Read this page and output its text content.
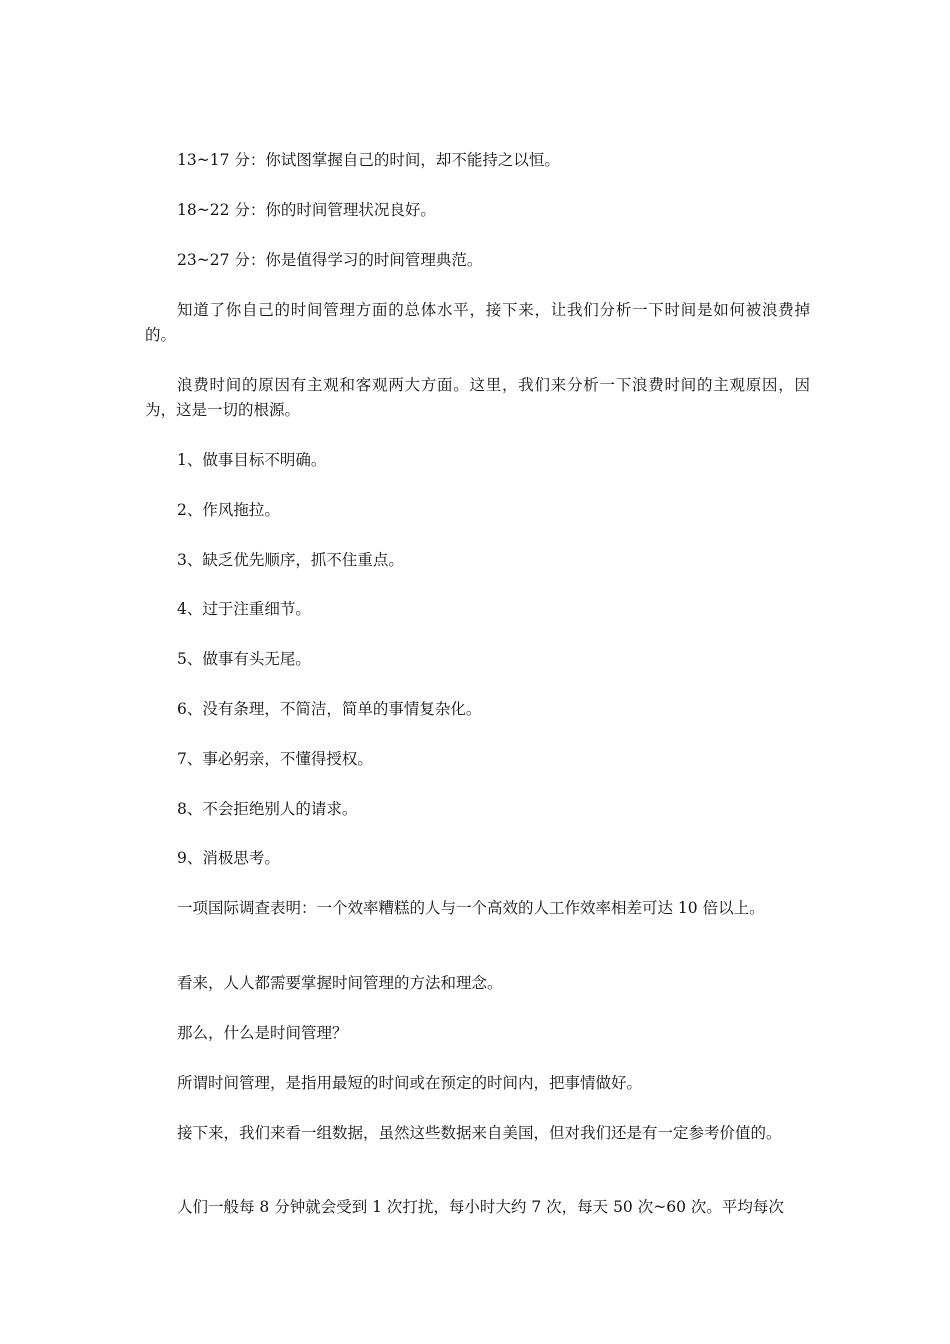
13~17 分：你试图掌握自己的时间，却不能持之以恒。
18~22 分：你的时间管理状况良好。
23~27 分：你是值得学习的时间管理典范。
知道了你自己的时间管理方面的总体水平，接下来，让我们分析一下时间是如何被浪费掉的。
浪费时间的原因有主观和客观两大方面。这里，我们来分析一下浪费时间的主观原因，因为，这是一切的根源。
1、做事目标不明确。
2、作风拖拉。
3、缺乏优先顺序，抓不住重点。
4、过于注重细节。
5、做事有头无尾。
6、没有条理，不简洁，简单的事情复杂化。
7、事必躬亲，不懂得授权。
8、不会拒绝别人的请求。
9、消极思考。
一项国际调查表明：一个效率糟糕的人与一个高效的人工作效率相差可达 10 倍以上。
看来，人人都需要掌握时间管理的方法和理念。
那么，什么是时间管理？
所谓时间管理，是指用最短的时间或在预定的时间内，把事情做好。
接下来，我们来看一组数据，虽然这些数据来自美国，但对我们还是有一定参考价值的。
人们一般每 8 分钟就会受到 1 次打扰，每小时大约 7 次，每天 50 次~60 次。平均每次
